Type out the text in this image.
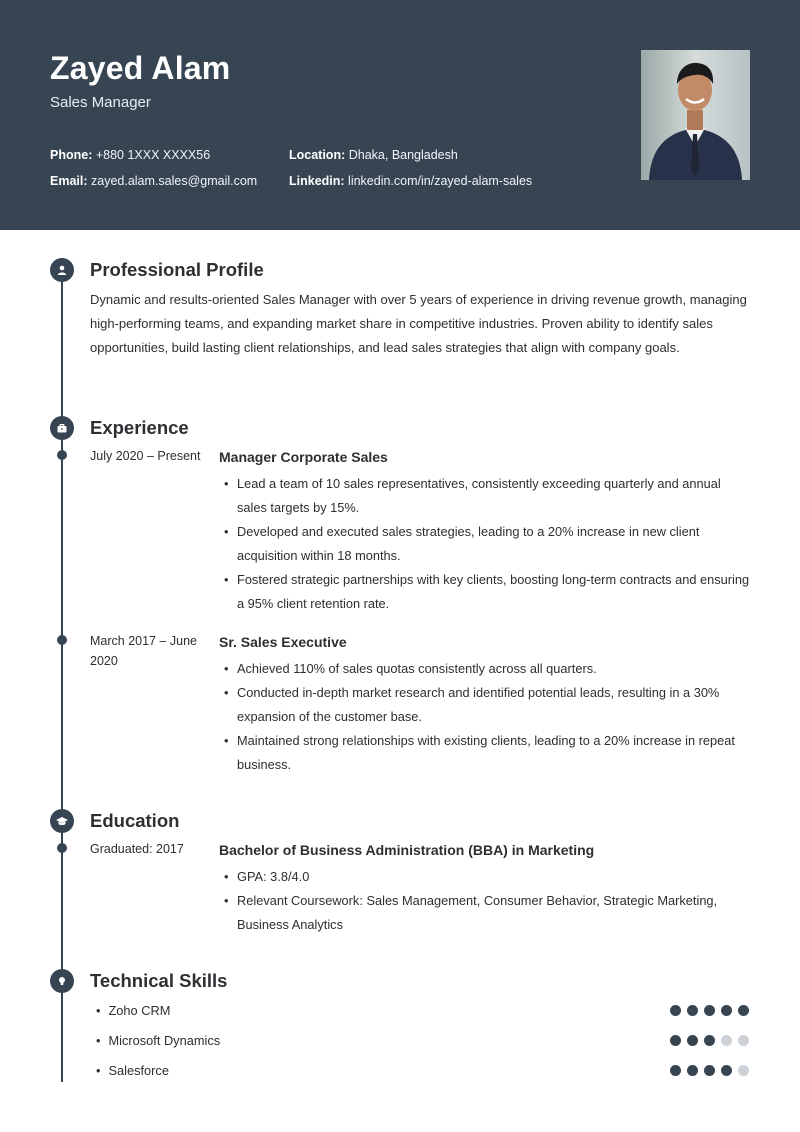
Zayed Alam
Sales Manager
Phone: +880 1XXX XXXX56
Email: zayed.alam.sales@gmail.com
Location: Dhaka, Bangladesh
Linkedin: linkedin.com/in/zayed-alam-sales
Professional Profile

Dynamic and results-oriented Sales Manager with over 5 years of experience in driving revenue growth, managing high-performing teams, and expanding market share in competitive industries. Proven ability to identify sales opportunities, build lasting client relationships, and lead sales strategies that align with company goals.

Experience
July 2020 – Present	Manager Corporate Sales
• Lead a team of 10 sales representatives, consistently exceeding quarterly and annual sales targets by 15%.
• Developed and executed sales strategies, leading to a 20% increase in new client acquisition within 18 months.
• Fostered strategic partnerships with key clients, boosting long-term contracts and ensuring a 95% client retention rate.
March 2017 – June 2020
Sr. Sales Executive
• Achieved 110% of sales quotas consistently across all quarters.
• Conducted in-depth market research and identified potential leads, resulting in a 30% expansion of the customer base.
• Maintained strong relationships with existing clients, leading to a 20% increase in repeat business.
Education
Graduated: 2017	Bachelor of Business Administration (BBA) in Marketing
• GPA: 3.8/4.0
• Relevant Coursework: Sales Management, Consumer Behavior, Strategic Marketing, Business Analytics
Technical Skills
• Zoho CRM
• Microsoft Dynamics
• Salesforce
